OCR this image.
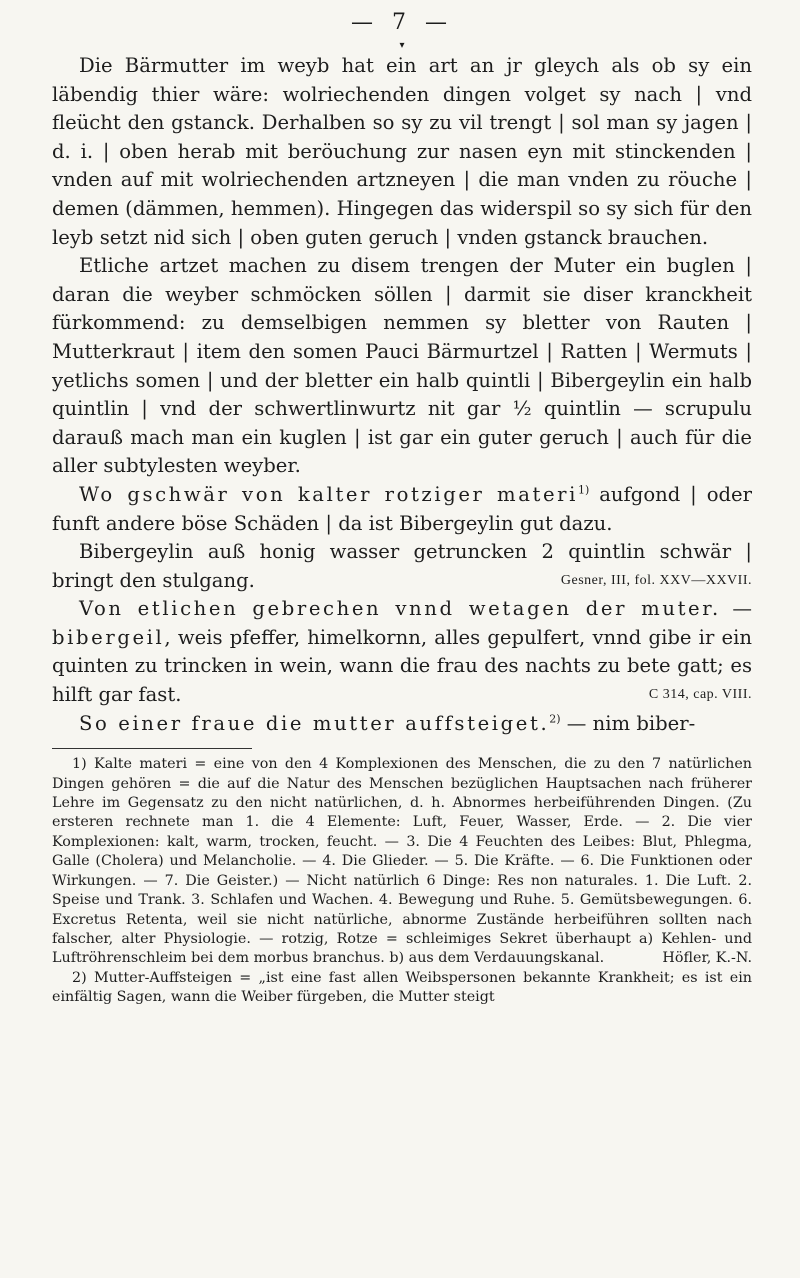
— 7 —
▾

Die Bärmutter im weyb hat ein art an jr gleych als ob sy ein läbendig thier wäre: wolriechenden dingen volget sy nach | vnd fleücht den gstanck. Derhalben so sy zu vil trengt | sol man sy jagen | d. i. | oben herab mit beröuchung zur nasen eyn mit stinckenden | vnden auf mit wolriechenden artzneyen | die man vnden zu röuche | demen (dämmen, hemmen). Hingegen das widerspil so sy sich für den leyb setzt nid sich | oben guten geruch | vnden gstanck brauchen.

Etliche artzet machen zu disem trengen der Muter ein buglen | daran die weyber schmöcken söllen | darmit sie diser kranckheit fürkommend: zu demselbigen nemmen sy bletter von Rauten | Mutterkraut | item den somen Pauci Bärmurtzel | Ratten | Wermuts | yetlichs somen | und der bletter ein halb quintli | Bibergeylin ein halb quintlin | vnd der schwertlinwurtz nit gar ½ quintlin — scrupulu darauß mach man ein kuglen | ist gar ein guter geruch | auch für die aller subtylesten weyber.

Wo gschwär von kalter rotziger materi$^{1)}$ aufgond | oder funft andere böse Schäden | da ist Bibergeylin gut dazu.

Bibergeylin auß honig wasser getruncken 2 quintlin schwär | bringt den stulgang.	Gesner, III, fol. XXV—XXVII.

Von etlichen gebrechen vnnd wetagen der muter. — bibergeil, weis pfeffer, himelkornn, alles gepulfert, vnnd gibe ir ein quinten zu trincken in wein, wann die frau des nachts zu bete gatt; es hilft gar fast.	C 314, cap. VIII.

So einer fraue die mutter auffsteiget.$^{2)}$ — nim biber-

1) Kalte materi = eine von den 4 Komplexionen des Menschen, die zu den 7 natürlichen Dingen gehören = die auf die Natur des Menschen bezüglichen Hauptsachen nach früherer Lehre im Gegensatz zu den nicht natürlichen, d. h. Abnormes herbeiführenden Dingen. (Zu ersteren rechnete man 1. die 4 Elemente: Luft, Feuer, Wasser, Erde. — 2. Die vier Komplexionen: kalt, warm, trocken, feucht. — 3. Die 4 Feuchten des Leibes: Blut, Phlegma, Galle (Cholera) und Melancholie. — 4. Die Glieder. — 5. Die Kräfte. — 6. Die Funktionen oder Wirkungen. — 7. Die Geister.) — Nicht natürlich 6 Dinge: Res non naturales. 1. Die Luft. 2. Speise und Trank. 3. Schlafen und Wachen. 4. Bewegung und Ruhe. 5. Gemütsbewegungen. 6. Excretus Retenta, weil sie nicht natürliche, abnorme Zustände herbeiführen sollten nach falscher, alter Physiologie. — rotzig, Rotze = schleimiges Sekret überhaupt a) Kehlen- und Luftröhrenschleim bei dem morbus branchus. b) aus dem Verdauungskanal.	Höfler, K.-N.

2) Mutter-Auffsteigen = „ist eine fast allen Weibspersonen bekannte Krankheit; es ist ein einfältig Sagen, wann die Weiber fürgeben, die Mutter steigt
